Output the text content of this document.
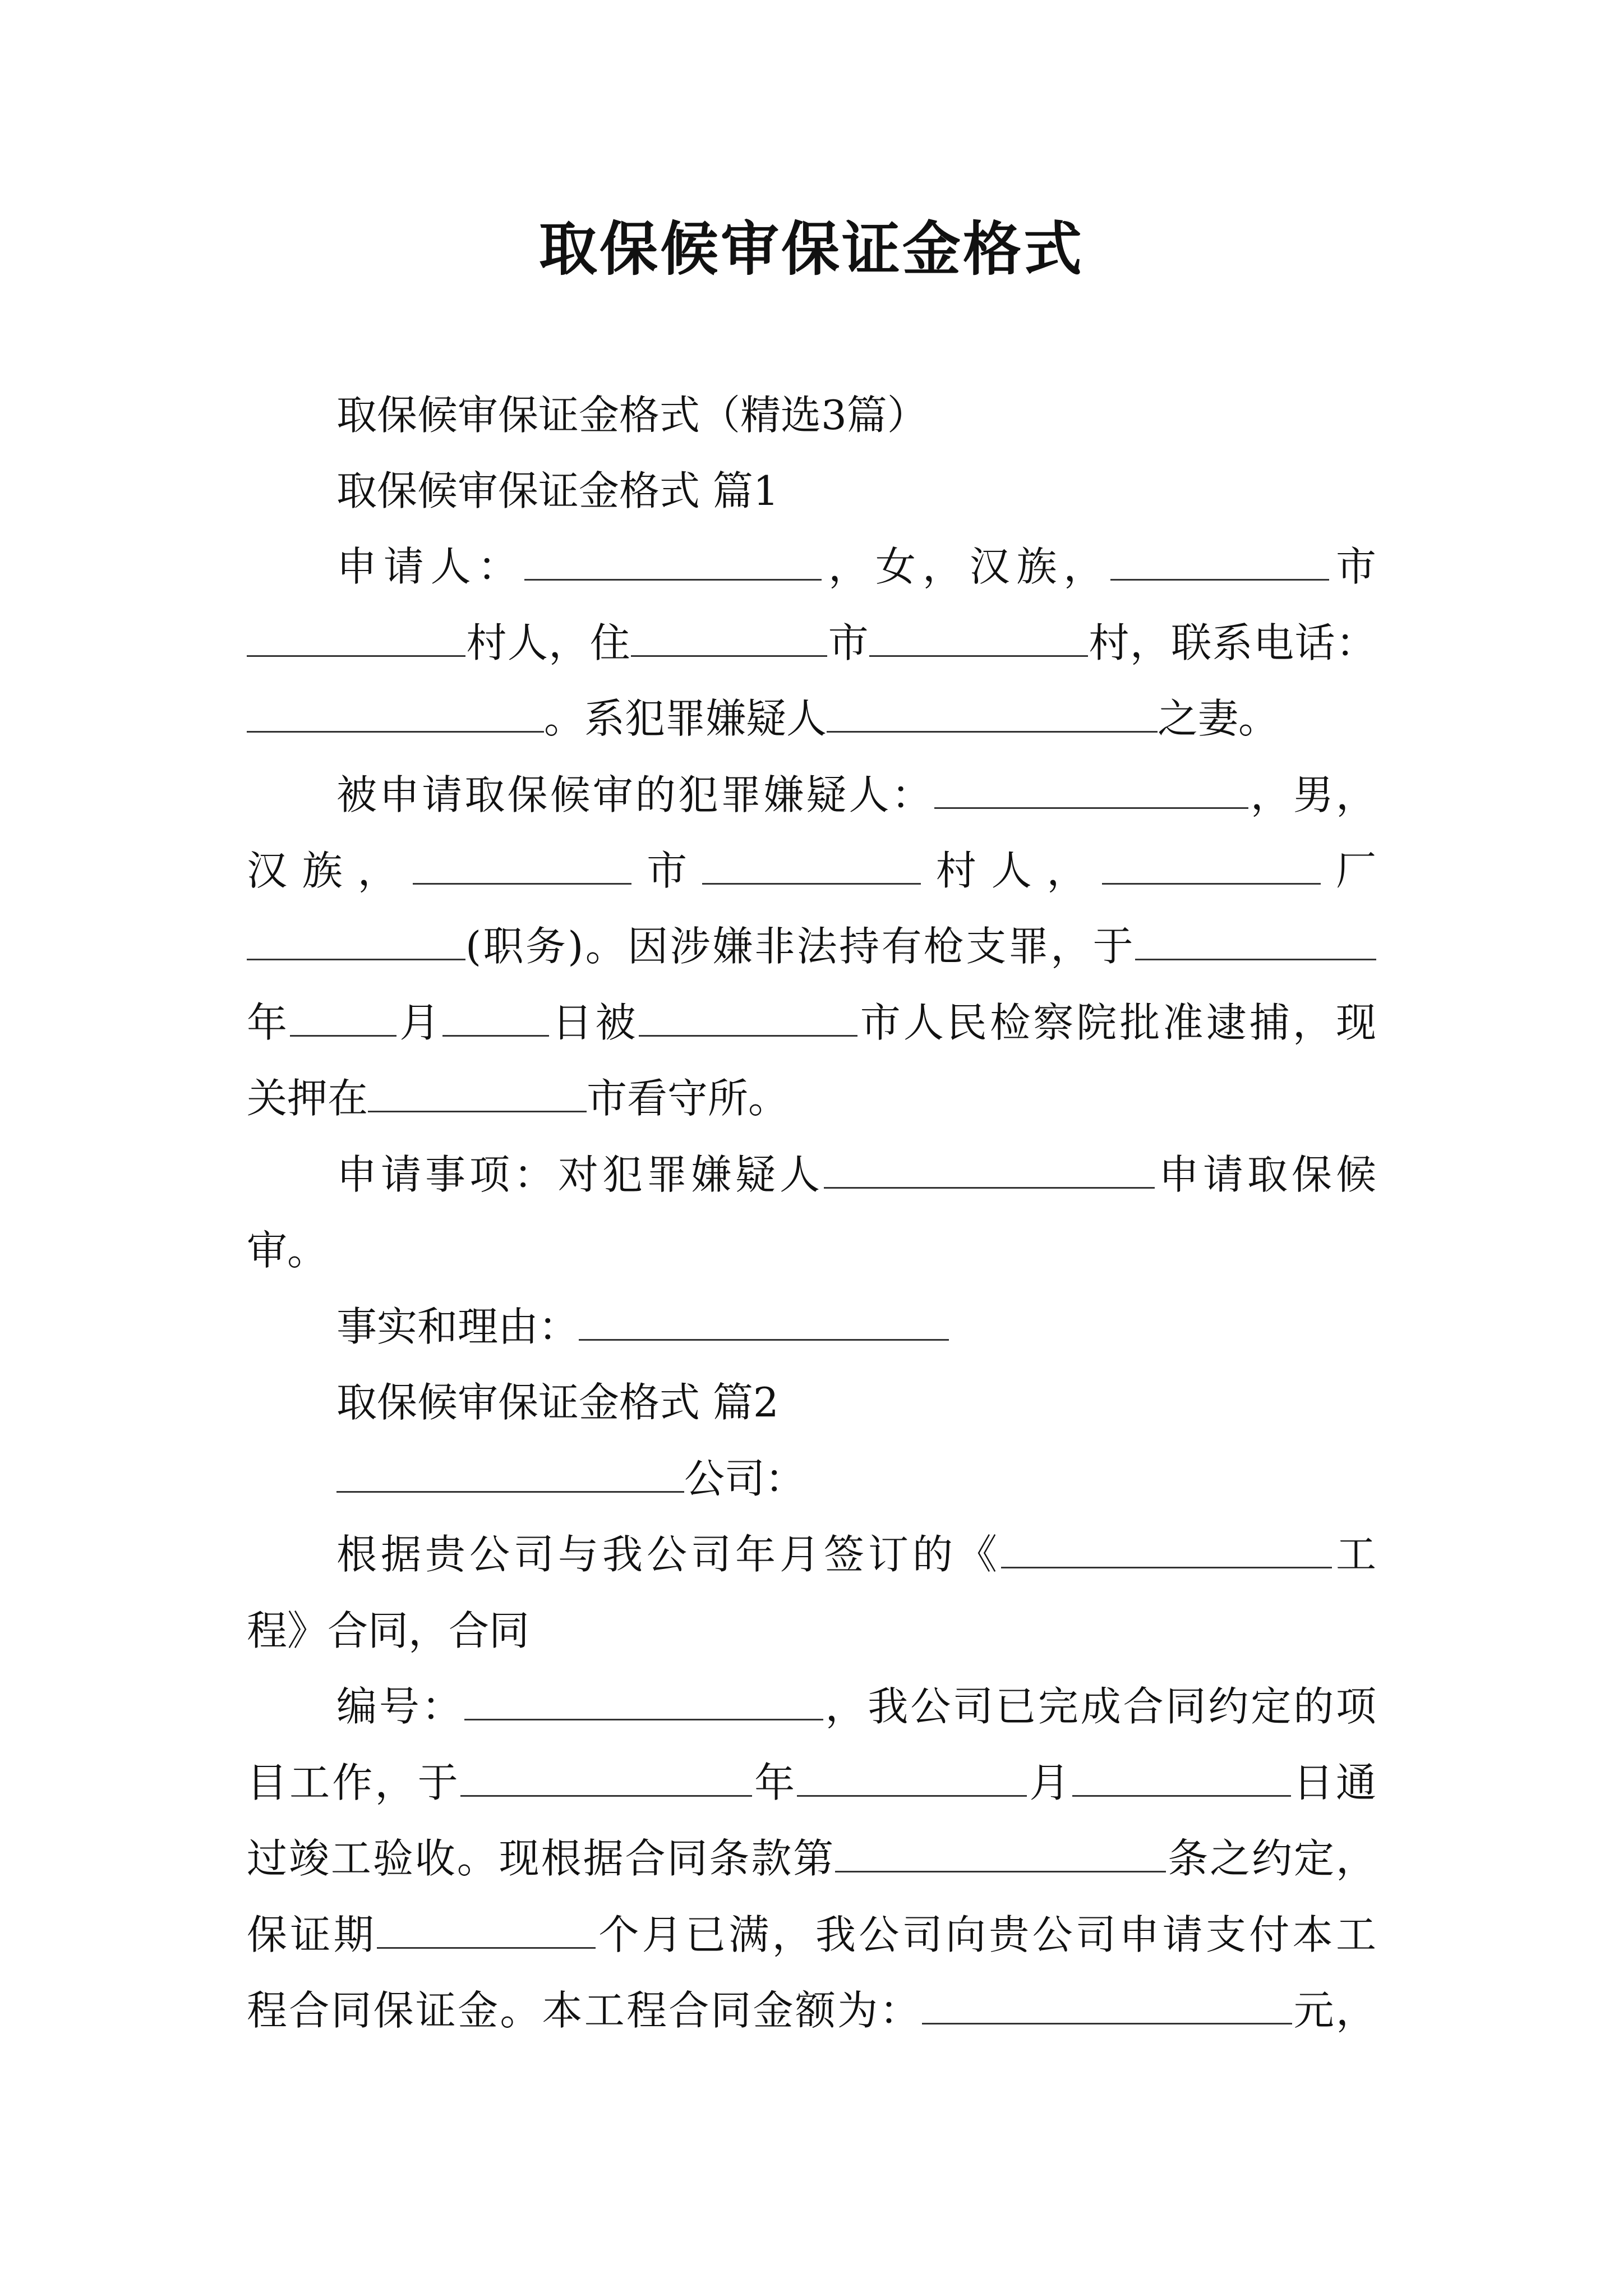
取保候审保证金格式
取保候审保证金格式（精选3篇）
取保候审保证金格式 篇1
申请人：	，女，汉族，	市
村人，住	市	村，联系电话：
。系犯罪嫌疑人	之妻。
被申请取保候审的犯罪嫌疑人：	，男，
汉族，	市	村人，	厂
(职务)。因涉嫌非法持有枪支罪，于
年	月	日被	市人民检察院批准逮捕，现
关押在	市看守所。
申请事项：对犯罪嫌疑人	申请取保候
审。
事实和理由：
取保候审保证金格式 篇2
公司：
根据贵公司与我公司年月签订的《	工
程》合同，合同
编号：	，我公司已完成合同约定的项
目工作，于	年	月	日通
过竣工验收。现根据合同条款第	条之约定，
保证期	个月已满，我公司向贵公司申请支付本工
程合同保证金。本工程合同金额为：	元，
